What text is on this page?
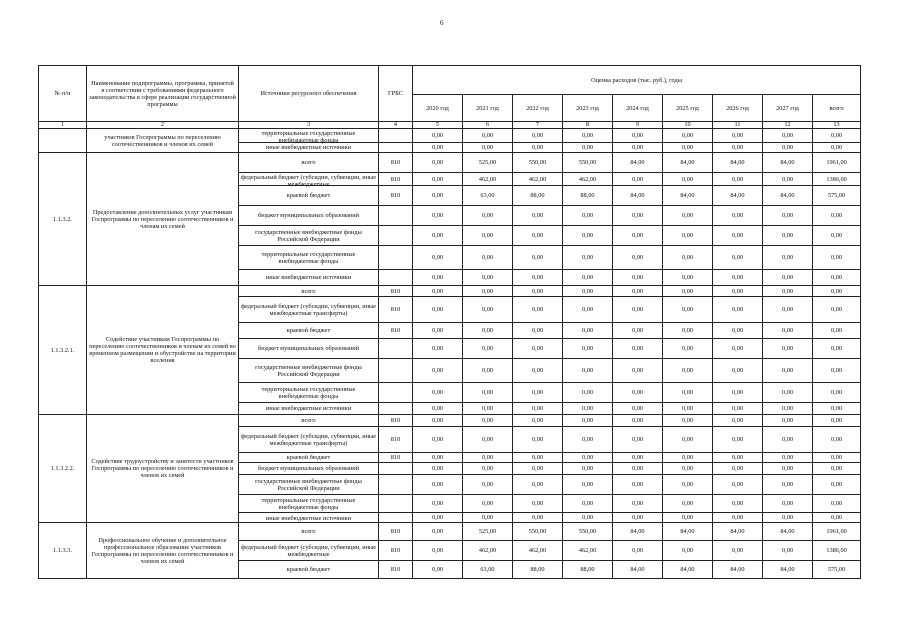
6
№ п/п	Наименование подпрограммы, программы, принятой в соответствии с требованиями федерального законодательства в сфере реализации государственной программы	Источники ресурсного обеспечения	ГРБС	Оценка расходов (тыс. руб.), годы								
				2020 год	2021 год	2022 год	2023 год	2024 год	2025 год	2026 год	2027 год	всего
1	2	3	4	5	6	7	8	9	10	11	12	13
	участников Госпрограммы по переселению соотечественников и членов их семей	территориальные государственные внебюджетные фонды		0,00	0,00	0,00	0,00	0,00	0,00	0,00	0,00	0,00

		иные внебюджетные источники		0,00	0,00	0,00	0,00	0,00	0,00	0,00	0,00	0,00
1.1.3.2.	Предоставление дополнительных услуг участникам Госпрограммы по переселению соотечественников и членам их семей	всего	810	0,00	525,00	550,00	550,00	84,00	84,00	84,00	84,00	1961,00

		федеральный бюджет (субсидии, субвенции, иные межбюджетные	810	0,00	462,00	462,00	462,00	0,00	0,00	0,00	0,00	1386,00

		краевой бюджет	810	0,00	63,00	88,00	88,00	84,00	84,00	84,00	84,00	575,00

		бюджет муниципальных образований		0,00	0,00	0,00	0,00	0,00	0,00	0,00	0,00	0,00

		государственные внебюджетные фонды Российской Федерации		0,00	0,00	0,00	0,00	0,00	0,00	0,00	0,00	0,00

		территориальные государственные внебюджетные фонды		0,00	0,00	0,00	0,00	0,00	0,00	0,00	0,00	0,00

		иные внебюджетные источники		0,00	0,00	0,00	0,00	0,00	0,00	0,00	0,00	0,00
1.1.3.2.1.	Содействие участникам Госпрограммы по переселению соотечественников и членам их семей во временном размещении и обустройстве на территории вселения	всего	810	0,00	0,00	0,00	0,00	0,00	0,00	0,00	0,00	0,00

		федеральный бюджет (субсидии, субвенции, иные межбюджетные трансферты)	810	0,00	0,00	0,00	0,00	0,00	0,00	0,00	0,00	0,00

		краевой бюджет	810	0,00	0,00	0,00	0,00	0,00	0,00	0,00	0,00	0,00

		бюджет муниципальных образований		0,00	0,00	0,00	0,00	0,00	0,00	0,00	0,00	0,00

		государственные внебюджетные фонды Российской Федерации		0,00	0,00	0,00	0,00	0,00	0,00	0,00	0,00	0,00

		территориальные государственные внебюджетные фонды		0,00	0,00	0,00	0,00	0,00	0,00	0,00	0,00	0,00

		иные внебюджетные источники		0,00	0,00	0,00	0,00	0,00	0,00	0,00	0,00	0,00
1.1.3.2.2.	Содействие трудоустройству и занятости участников Госпрограммы по переселению соотечественников и членов их семей	всего	810	0,00	0,00	0,00	0,00	0,00	0,00	0,00	0,00	0,00

		федеральный бюджет (субсидии, субвенции, иные межбюджетные трансферты)	810	0,00	0,00	0,00	0,00	0,00	0,00	0,00	0,00	0,00

		краевой бюджет	810	0,00	0,00	0,00	0,00	0,00	0,00	0,00	0,00	0,00

		бюджет муниципальных образований		0,00	0,00	0,00	0,00	0,00	0,00	0,00	0,00	0,00

		государственные внебюджетные фонды Российской Федерации		0,00	0,00	0,00	0,00	0,00	0,00	0,00	0,00	0,00

		территориальные государственные внебюджетные фонды		0,00	0,00	0,00	0,00	0,00	0,00	0,00	0,00	0,00

		иные внебюджетные источники		0,00	0,00	0,00	0,00	0,00	0,00	0,00	0,00	0,00
1.1.3.3.	Профессиональное обучение и дополнительное профессиональное образование участников Госпрограммы по переселению соотечественников и членов их семей	всего	810	0,00	525,00	550,00	550,00	84,00	84,00	84,00	84,00	1961,00

		федеральный бюджет (субсидии, субвенции, иные межбюджетные	810	0,00	462,00	462,00	462,00	0,00	0,00	0,00	0,00	1386,00

		краевой бюджет	810	0,00	63,00	88,00	88,00	84,00	84,00	84,00	84,00	575,00
